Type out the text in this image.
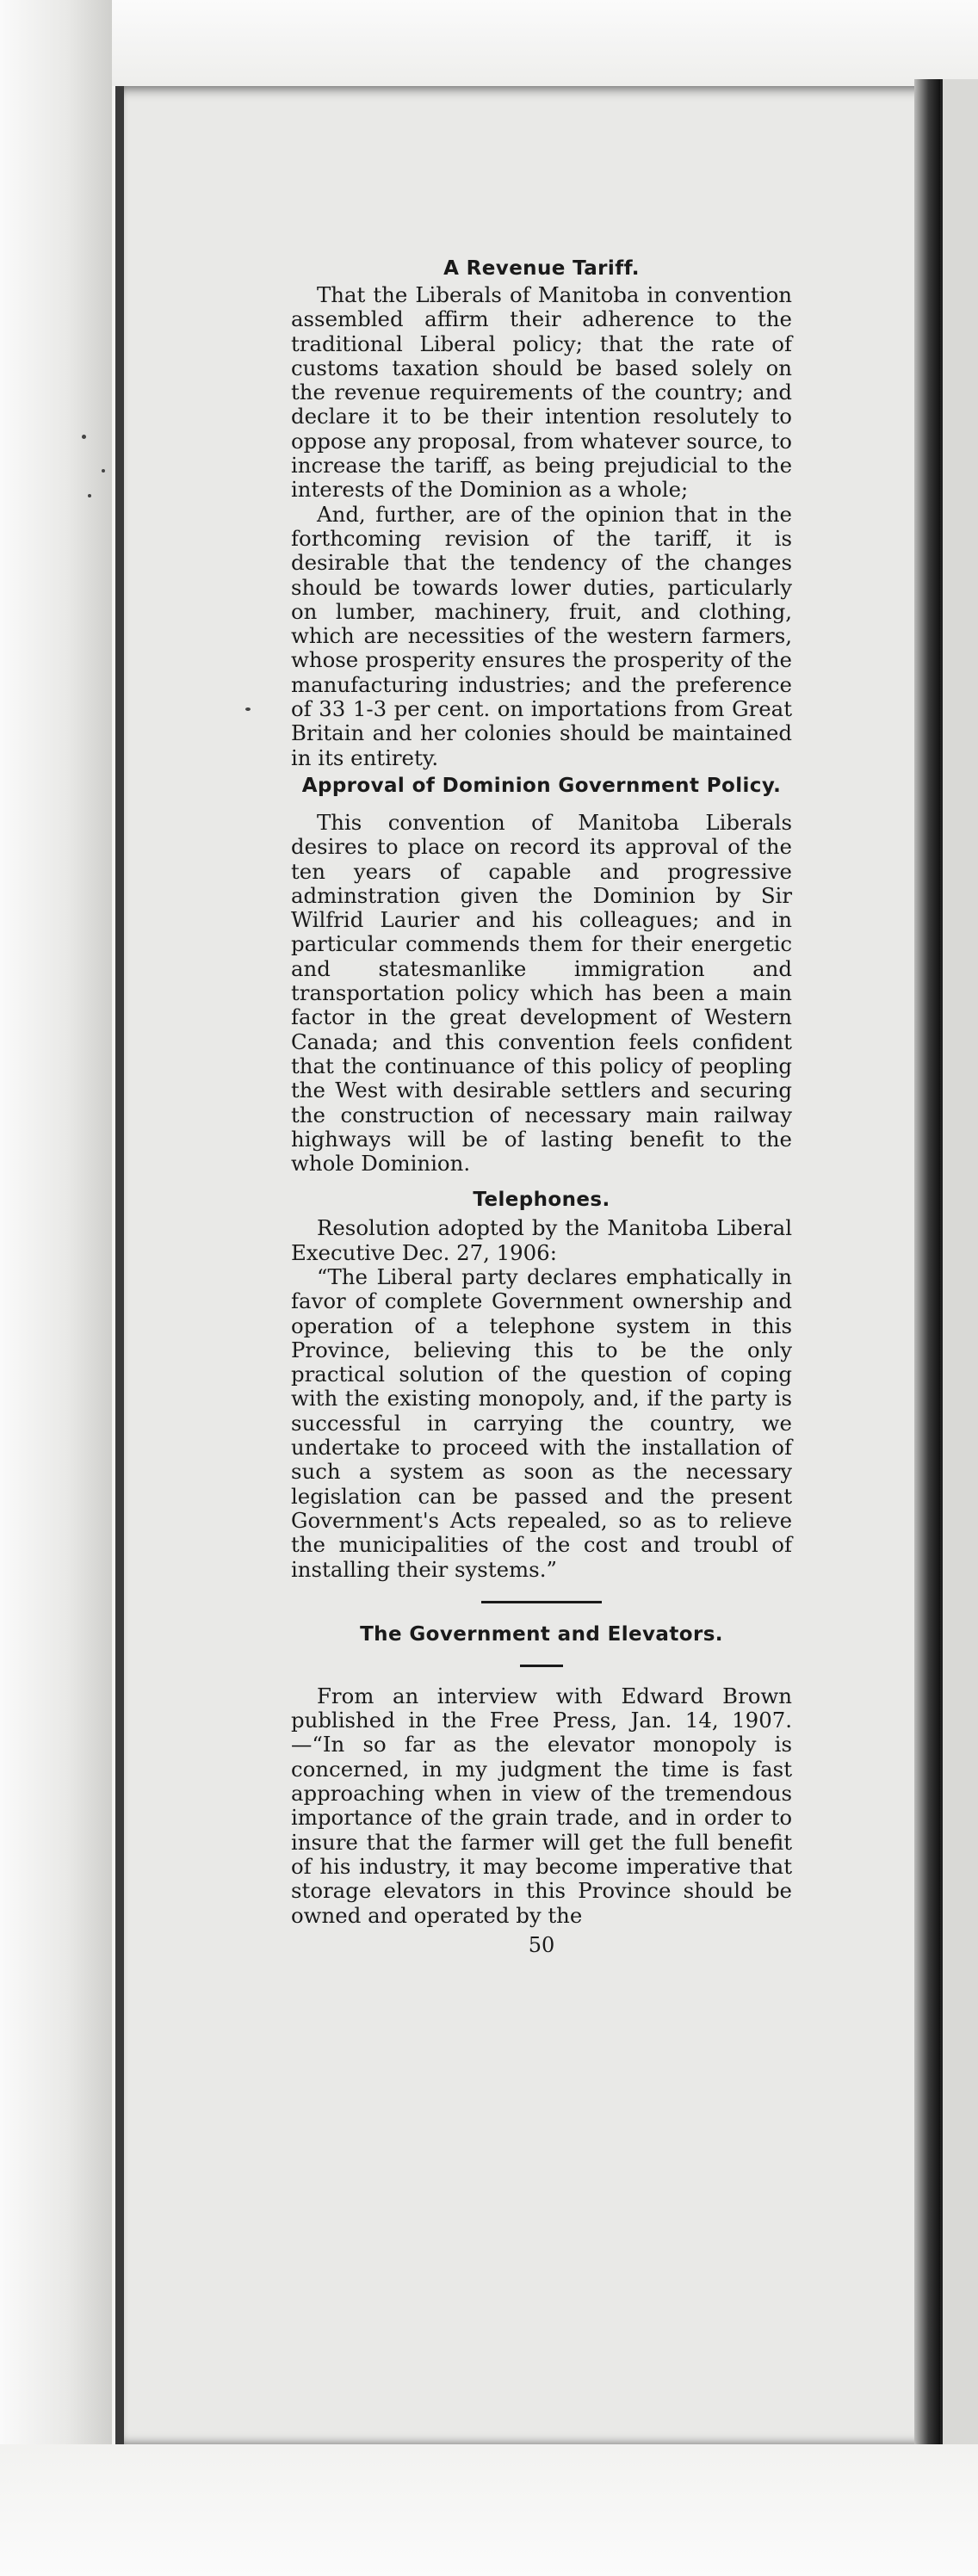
A Revenue Tariff.

That the Liberals of Manitoba in convention assembled affirm their adherence to the traditional Liberal policy; that the rate of customs taxation should be based solely on the revenue requirements of the country; and declare it to be their intention resolutely to oppose any proposal, from whatever source, to increase the tariff, as being prejudicial to the interests of the Dominion as a whole;

And, further, are of the opinion that in the forthcoming revision of the tariff, it is desirable that the tendency of the changes should be towards lower duties, particularly on lumber, machinery, fruit, and clothing, which are necessities of the western farmers, whose prosperity ensures the prosperity of the manufacturing industries; and the preference of 33 1-3 per cent. on importations from Great Britain and her colonies should be maintained in its entirety.

Approval of Dominion Government Policy.

This convention of Manitoba Liberals desires to place on record its approval of the ten years of capable and progressive adminstration given the Dominion by Sir Wilfrid Laurier and his colleagues; and in particular commends them for their energetic and statesmanlike immigration and transportation policy which has been a main factor in the great development of Western Canada; and this convention feels confident that the continuance of this policy of peopling the West with desirable settlers and securing the construction of necessary main railway highways will be of lasting benefit to the whole Dominion.

Telephones.

Resolution adopted by the Manitoba Liberal Executive Dec. 27, 1906:

“The Liberal party declares emphatically in favor of complete Government ownership and operation of a telephone system in this Province, believing this to be the only practical solution of the question of coping with the existing monopoly, and, if the party is successful in carrying the country, we undertake to proceed with the installation of such a system as soon as the necessary legislation can be passed and the present Government's Acts repealed, so as to relieve the municipalities of the cost and troubl of installing their systems.”

The Government and Elevators.

From an interview with Edward Brown published in the Free Press, Jan. 14, 1907.—“In so far as the elevator monopoly is concerned, in my judgment the time is fast approaching when in view of the tremendous importance of the grain trade, and in order to insure that the farmer will get the full benefit of his industry, it may become imperative that storage elevators in this Province should be owned and operated by the

50
